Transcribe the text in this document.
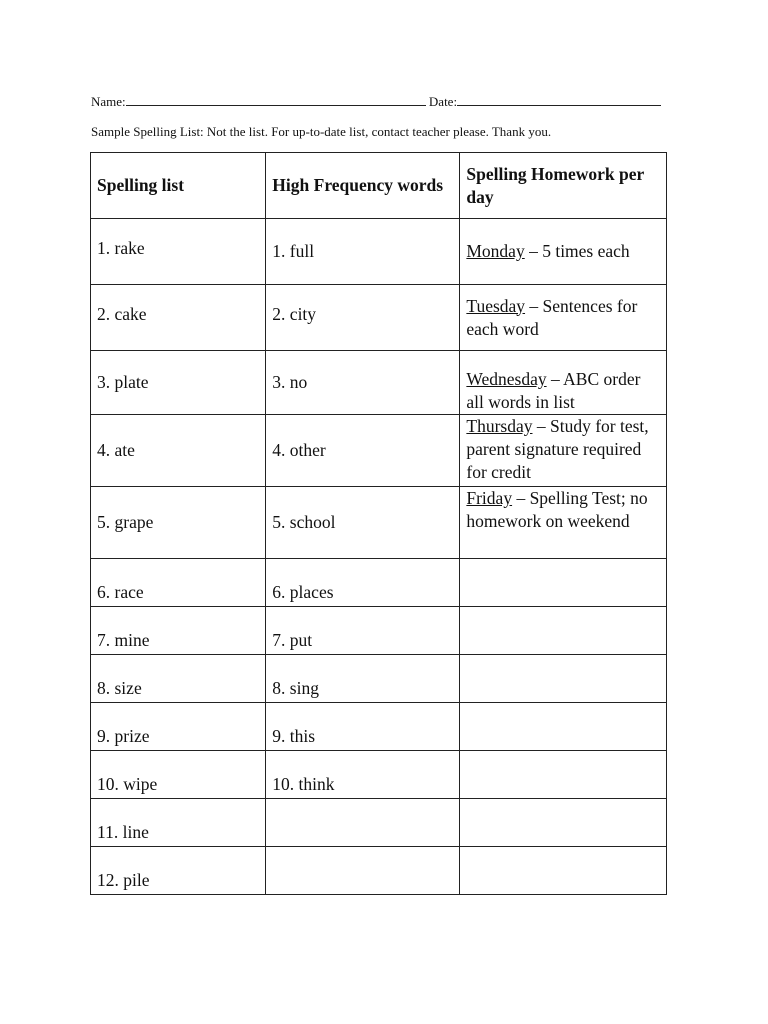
Name:	Date:
Sample Spelling List: Not the list. For up-to-date list, contact teacher please. Thank you.
Spelling list	High Frequency words	Spelling Homework per day
1. rake	1. full	Monday – 5 times each
2. cake	2. city	Tuesday – Sentences for each word
3. plate	3. no	Wednesday – ABC order all words in list
4. ate	4. other	Thursday – Study for test, parent signature required for credit
5. grape	5. school	Friday – Spelling Test; no homework on weekend
6. race	6. places	
7. mine	7. put	
8. size	8. sing	
9. prize	9. this	
10. wipe	10. think	
11. line		
12. pile		
